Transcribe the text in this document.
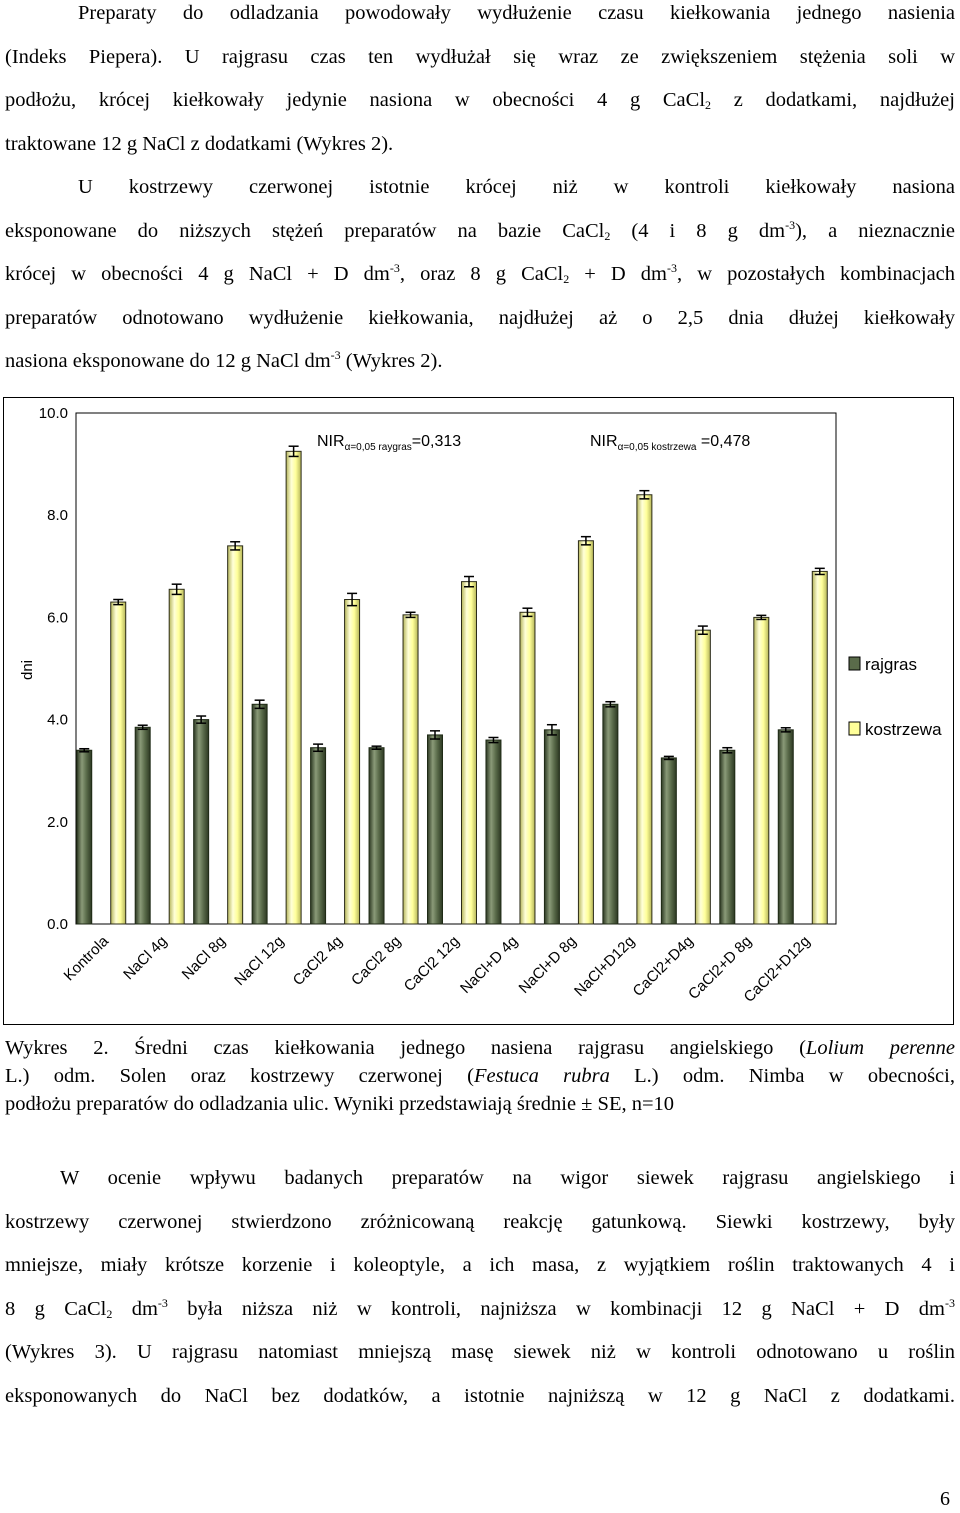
Preparaty do odladzania powodowały wydłużenie czasu kiełkowania jednego nasienia
(Indeks Piepera). U rajgrasu czas ten wydłużał się wraz ze zwiększeniem stężenia soli w
podłożu, krócej kiełkowały jedynie nasiona w obecności 4 g CaCl$_2$ z dodatkami, najdłużej
traktowane 12 g NaCl z dodatkami (Wykres 2).
U kostrzewy czerwonej istotnie krócej niż w kontroli kiełkowały nasiona
eksponowane do niższych stężeń preparatów na bazie CaCl$_2$ (4 i 8 g $dm^{-3}$), a nieznacznie
krócej w obecności 4 g NaCl + D $dm^{-3}$, oraz 8 g CaCl$_2$ + D $dm^{-3}$, w pozostałych kombinacjach
preparatów odnotowano wydłużenie kiełkowania, najdłużej aż o 2,5 dnia dłużej kiełkowały
nasiona eksponowane do 12 g NaCl $dm^{-3}$ (Wykres 2).
0.0
2.0
4.0
6.0
8.0
10.0
dni
Kontrola NaCl 4g NaCl 8g NaCl 12g CaCl2 4g CaCl2 8g
CaCl2 12g
NaCl+D 4g
NaCl+D 8g
NaCl+D12g
CaCl2+D4g
CaCl2+D 8g
CaCl2+D12g
rajgras
kostrzewa
$NIR_{\alpha=0,05 raygras}=0,313$	$NIR_{\alpha=0,05 kostrzewa} =0,478$
Wykres 2. Średni czas kiełkowania jednego nasiena rajgrasu angielskiego (Lolium perenne
L.) odm. Solen oraz kostrzewy czerwonej (Festuca rubra L.) odm. Nimba w obecności,
podłożu preparatów do odladzania ulic. Wyniki przedstawiają średnie ± SE, n=10
W ocenie wpływu badanych preparatów na wigor siewek rajgrasu angielskiego i
kostrzewy czerwonej stwierdzono zróżnicowaną reakcję gatunkową. Siewki kostrzewy, były
mniejsze, miały krótsze korzenie i koleoptyle, a ich masa, z wyjątkiem roślin traktowanych 4 i
8 g CaCl$_2$ $dm^{-3}$ była niższa niż w kontroli, najniższa w kombinacji 12 g NaCl + D $dm^{-3}$
(Wykres 3). U rajgrasu natomiast mniejszą masę siewek niż w kontroli odnotowano u roślin
eksponowanych do NaCl bez dodatków, a istotnie najniższą w 12 g NaCl z dodatkami.
6
